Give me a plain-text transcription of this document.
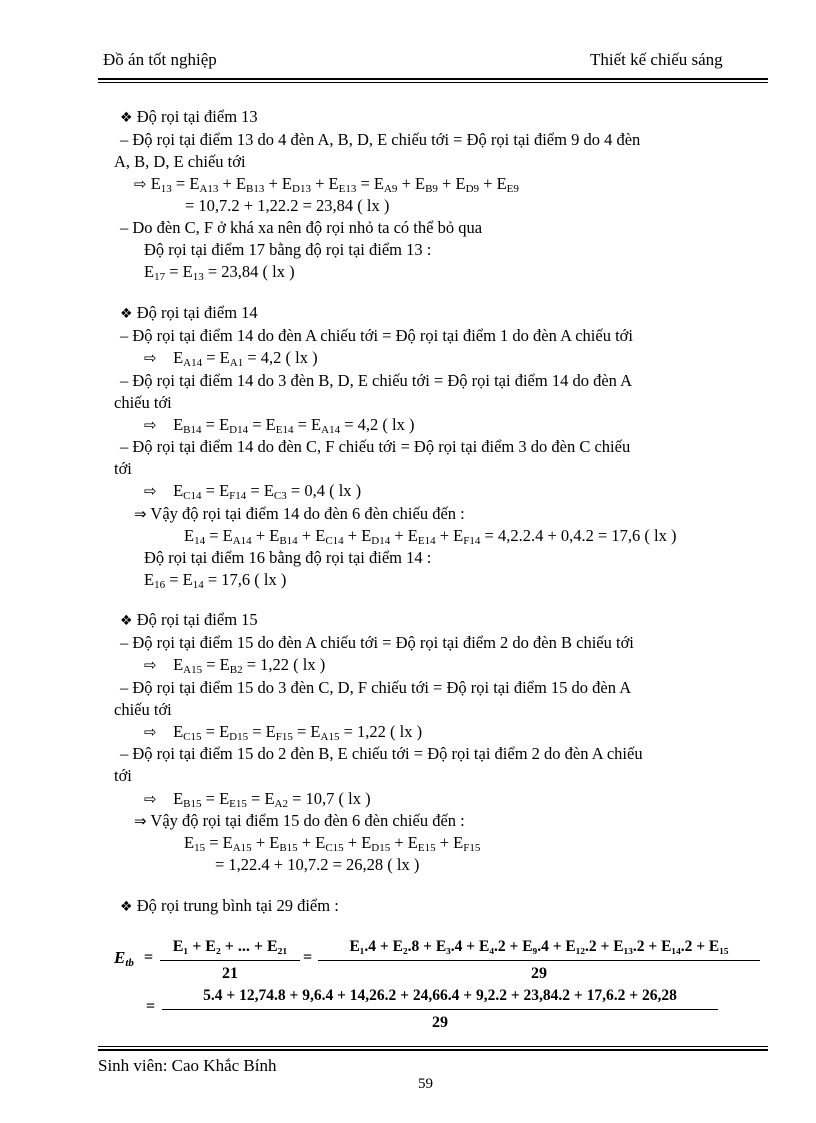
Đồ án tốt nghiệp	Thiết kế chiếu sáng
❖ Độ rọi tại điểm 13
– Độ rọi tại điểm 13 do 4 đèn A, B, D, E chiếu tới = Độ rọi tại điểm 9 do 4 đèn
A, B, D, E chiếu tới
⇨ $E_{13} = E_{A13} + E_{B13} + E_{D13} + E_{E13} = E_{A9} + E_{B9} + E_{D9} + E_{E9}$
= 10,7.2 + 1,22.2 = 23,84 ( lx )
– Do đèn C, F ở khá xa nên độ rọi nhỏ ta có thể bỏ qua
Độ rọi tại điểm 17 bằng độ rọi tại điểm 13 :
$E_{17} = E_{13} = 23,84$ ( lx )
❖ Độ rọi tại điểm 14
– Độ rọi tại điểm 14 do đèn A chiếu tới = Độ rọi tại điểm 1 do đèn A chiếu tới
⇨    $E_{A14} = E_{A1} = 4,2$ ( lx )
– Độ rọi tại điểm 14 do 3 đèn B, D, E chiếu tới = Độ rọi tại điểm 14 do đèn A
chiếu tới
⇨    $E_{B14} = E_{D14} = E_{E14} = E_{A14} = 4,2$ ( lx )
– Độ rọi tại điểm 14 do đèn C, F chiếu tới = Độ rọi tại điểm 3 do đèn C chiếu
tới
⇨    $E_{C14} = E_{F14} = E_{C3} = 0,4$ ( lx )
⇒ Vậy độ rọi tại điểm 14 do đèn 6 đèn chiếu đến :
$E_{14} = E_{A14} + E_{B14} + E_{C14} + E_{D14} + E_{E14} + E_{F14} = 4,2.2.4 + 0,4.2 = 17,6$ ( lx )
Độ rọi tại điểm 16 bằng độ rọi tại điểm 14 :
$E_{16} = E_{14} = 17,6$ ( lx )
❖ Độ rọi tại điểm 15
– Độ rọi tại điểm 15 do đèn A chiếu tới = Độ rọi tại điểm 2 do đèn B chiếu tới
⇨    $E_{A15} = E_{B2} = 1,22$ ( lx )
– Độ rọi tại điểm 15 do 3 đèn C, D, F chiếu tới = Độ rọi tại điểm 15 do đèn A
chiếu tới
⇨    $E_{C15} = E_{D15} = E_{F15} = E_{A15} = 1,22$ ( lx )
– Độ rọi tại điểm 15 do 2 đèn B, E chiếu tới = Độ rọi tại điểm 2 do đèn A chiếu
tới
⇨    $E_{B15} = E_{E15} = E_{A2} = 10,7$ ( lx )
⇒ Vậy độ rọi tại điểm 15 do đèn 6 đèn chiếu đến :
$E_{15} = E_{A15} + E_{B15} + E_{C15} + E_{D15} + E_{E15} + E_{F15}$
= 1,22.4 + 10,7.2 = 26,28 ( lx )
❖ Độ rọi trung bình tại 29 điểm :
$E_{tb}$ =
E₁ + E₂ + ... + E₂₁
21
=
E₁.4 + E₂.8 + E₃.4 + E₄.2 + E₉.4 + E₁₂.2 + E₁₃.2 + E₁₄.2 + E₁₅
29
=
5.4 + 12,74.8 + 9,6.4 + 14,26.2 + 24,66.4 + 9,2.2 + 23,84.2 + 17,6.2 + 26,28
29
Sinh viên: Cao Khắc Bính
59
